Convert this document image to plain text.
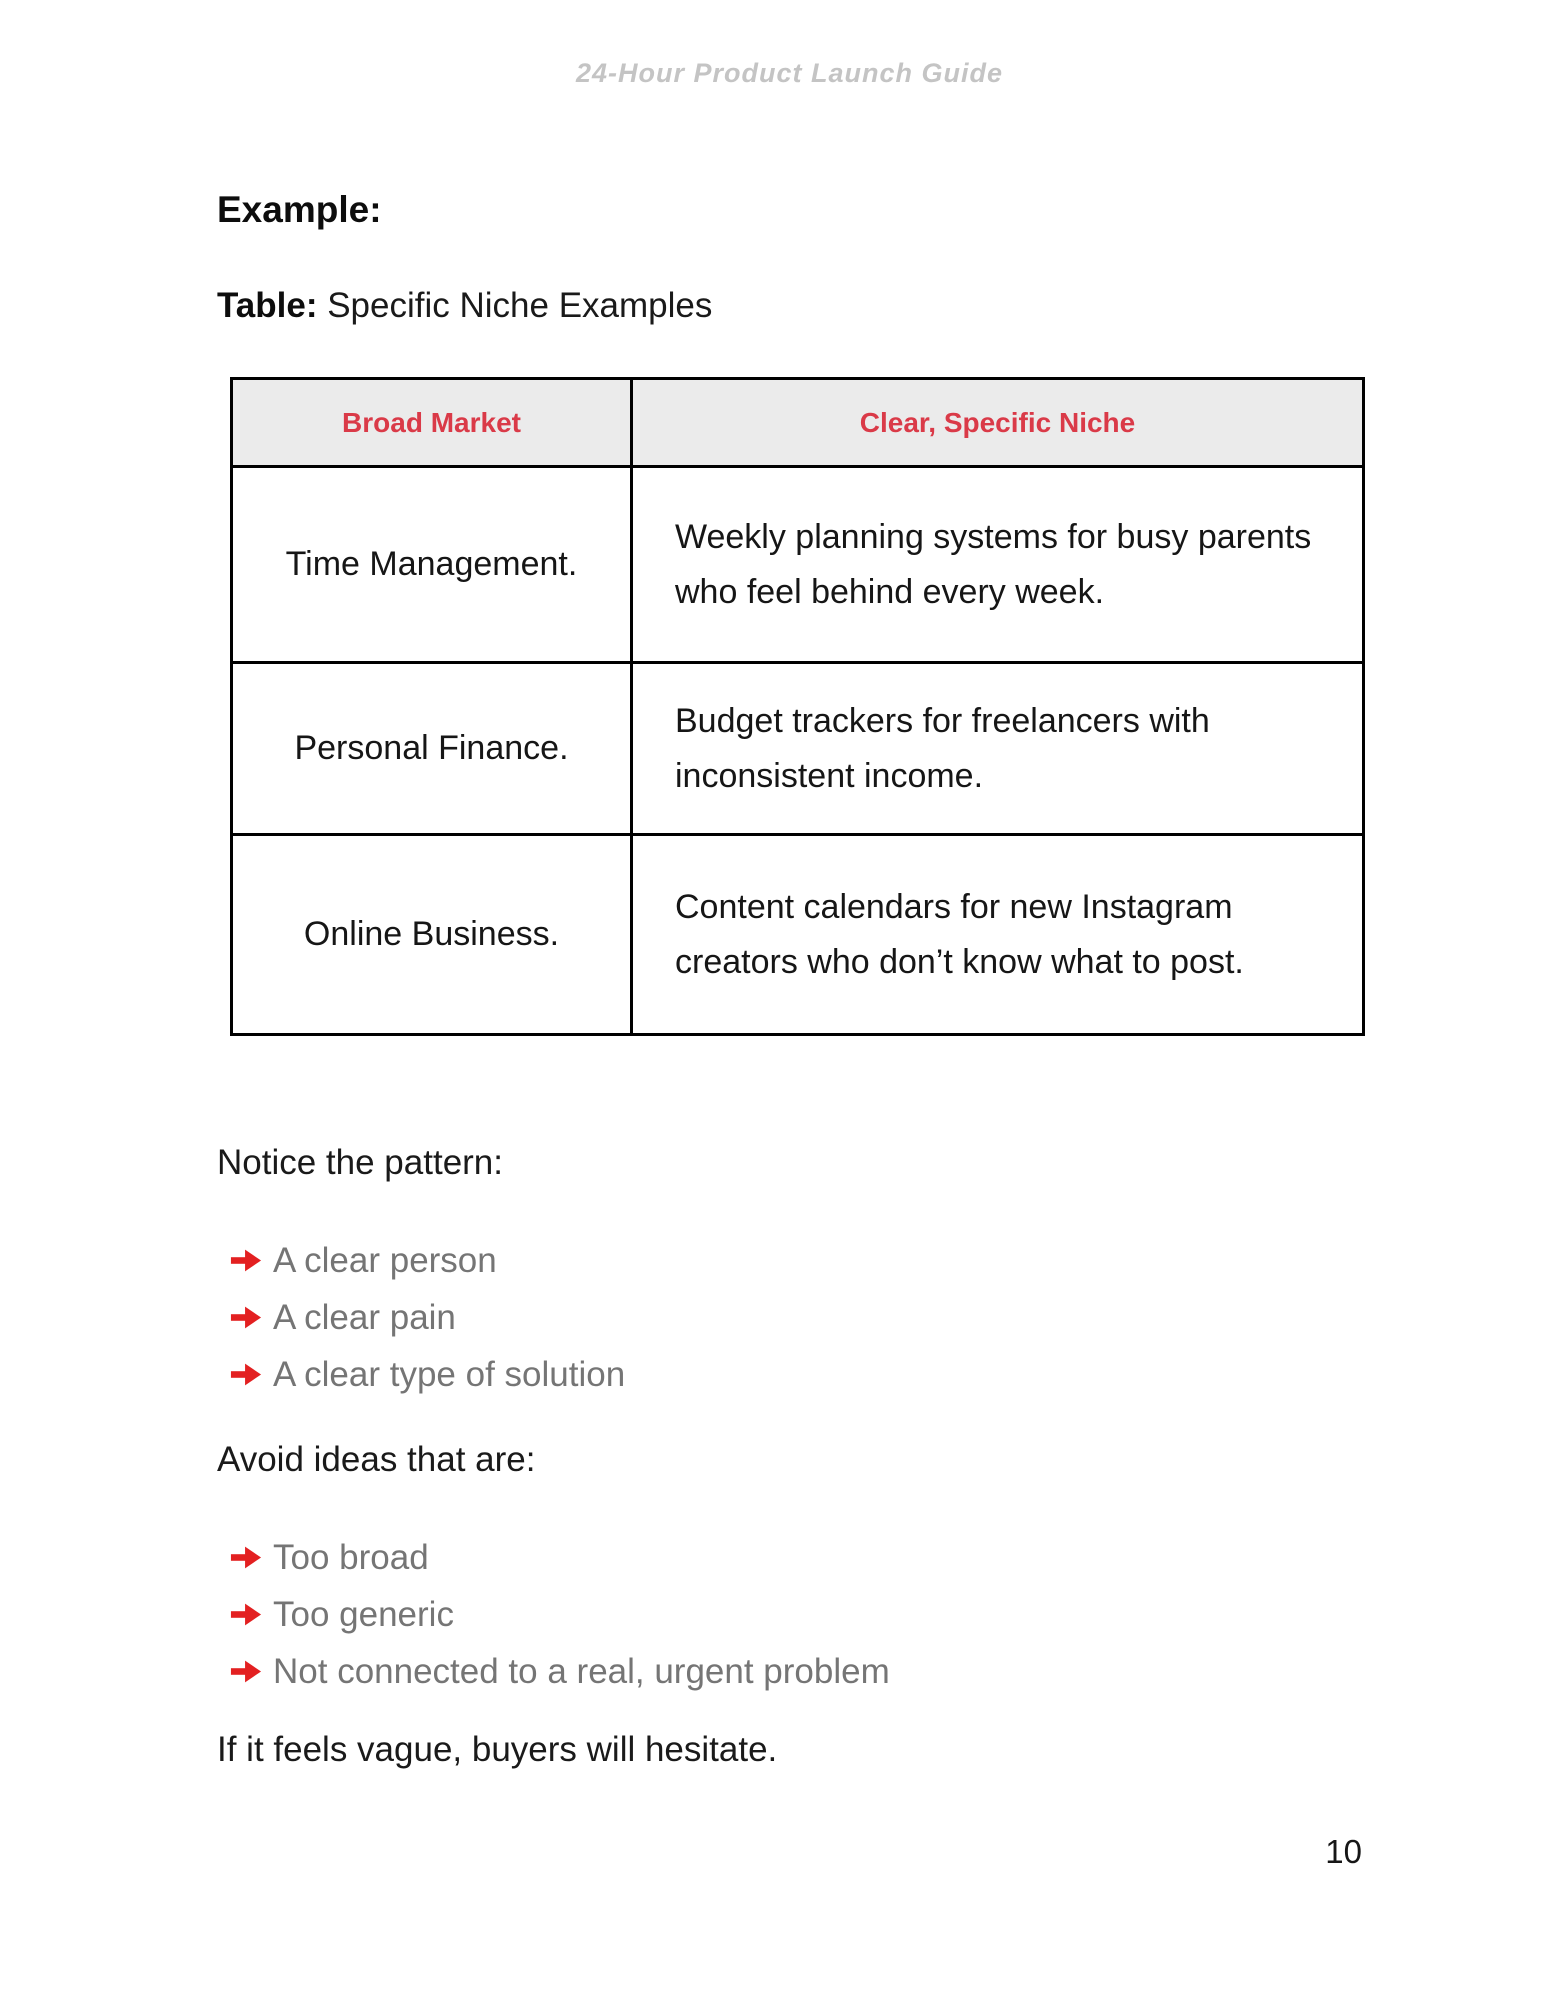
24-Hour Product Launch Guide
Example:

Table: Specific Niche Examples

Broad Market	Clear, Specific Niche
Time Management.	Weekly planning systems for busy parents who feel behind every week.
Personal Finance.	Budget trackers for freelancers with inconsistent income.
Online Business.	Content calendars for new Instagram creators who don’t know what to post.

Notice the pattern:

A clear person
A clear pain
A clear type of solution

Avoid ideas that are:

Too broad
Too generic
Not connected to a real, urgent problem

If it feels vague, buyers will hesitate.

10
